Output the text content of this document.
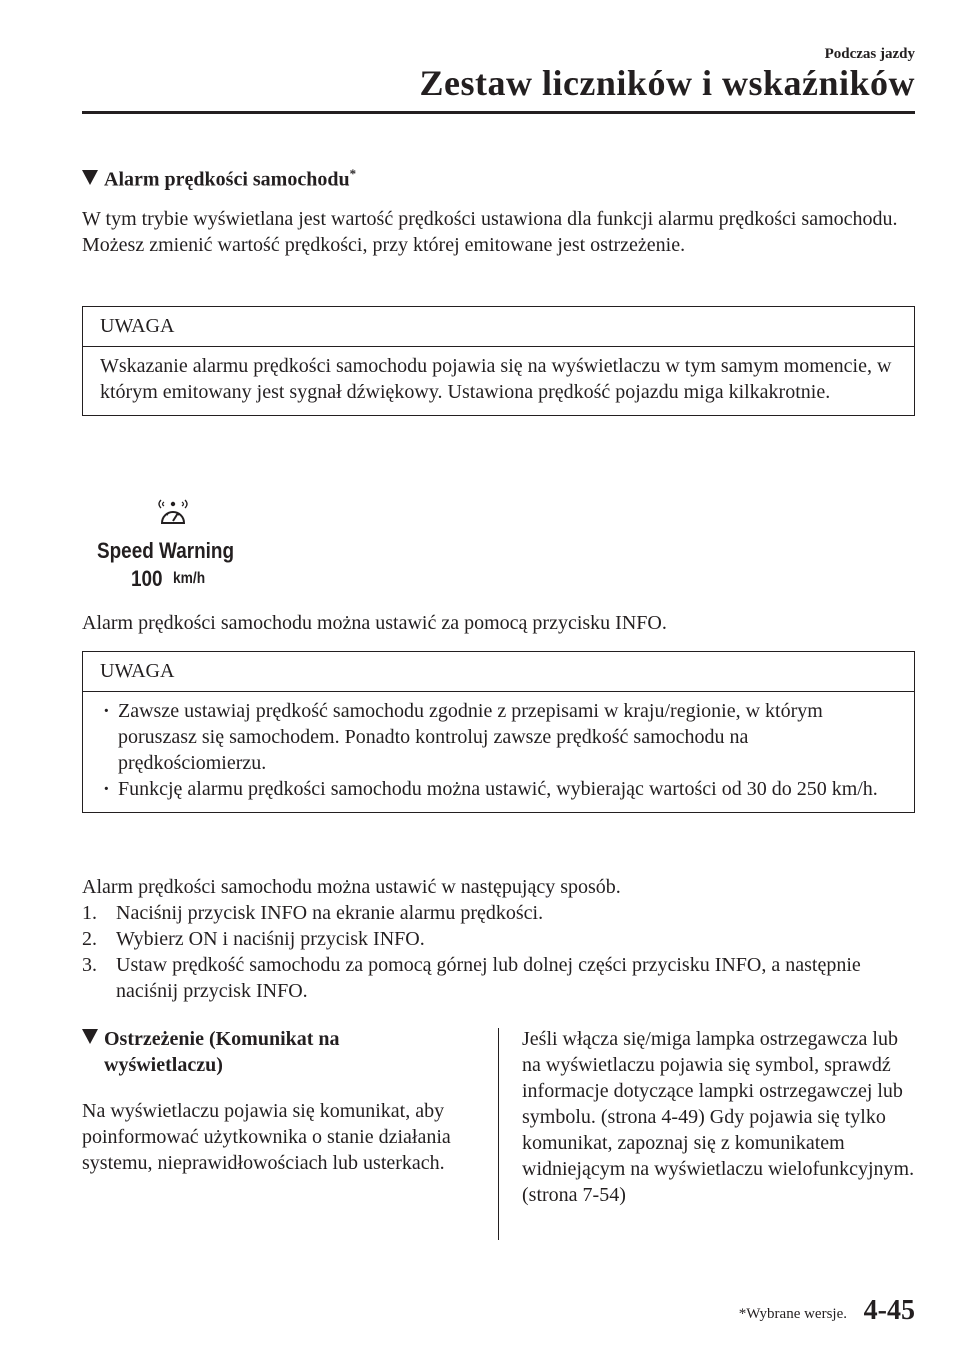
Podczas jazdy
Zestaw liczników i wskaźników
Alarm prędkości samochodu*
W tym trybie wyświetlana jest wartość prędkości ustawiona dla funkcji alarmu prędkości samochodu.
Możesz zmienić wartość prędkości, przy której emitowane jest ostrzeżenie.
UWAGA
Wskazanie alarmu prędkości samochodu pojawia się na wyświetlaczu w tym samym momencie, w którym emitowany jest sygnał dźwiękowy. Ustawiona prędkość pojazdu miga kilkakrotnie.
Speed Warning
100 km/h
Alarm prędkości samochodu można ustawić za pomocą przycisku INFO.
UWAGA
· Zawsze ustawiaj prędkość samochodu zgodnie z przepisami w kraju/regionie, w którym poruszasz się samochodem. Ponadto kontroluj zawsze prędkość samochodu na prędkościomierzu.
· Funkcję alarmu prędkości samochodu można ustawić, wybierając wartości od 30 do 250 km/h.
Alarm prędkości samochodu można ustawić w następujący sposób.
1. Naciśnij przycisk INFO na ekranie alarmu prędkości.
2. Wybierz ON i naciśnij przycisk INFO.
3. Ustaw prędkość samochodu za pomocą górnej lub dolnej części przycisku INFO, a następnie naciśnij przycisk INFO.
Ostrzeżenie (Komunikat na
wyświetlaczu)
Na wyświetlaczu pojawia się komunikat, aby poinformować użytkownika o stanie działania systemu, nieprawidłowościach lub usterkach.
Jeśli włącza się/miga lampka ostrzegawcza lub na wyświetlaczu pojawia się symbol, sprawdź informacje dotyczące lampki ostrzegawczej lub symbolu. (strona 4-49) Gdy pojawia się tylko komunikat, zapoznaj się z komunikatem widniejącym na wyświetlaczu wielofunkcyjnym. (strona 7-54)
*Wybrane wersje. 4-45
